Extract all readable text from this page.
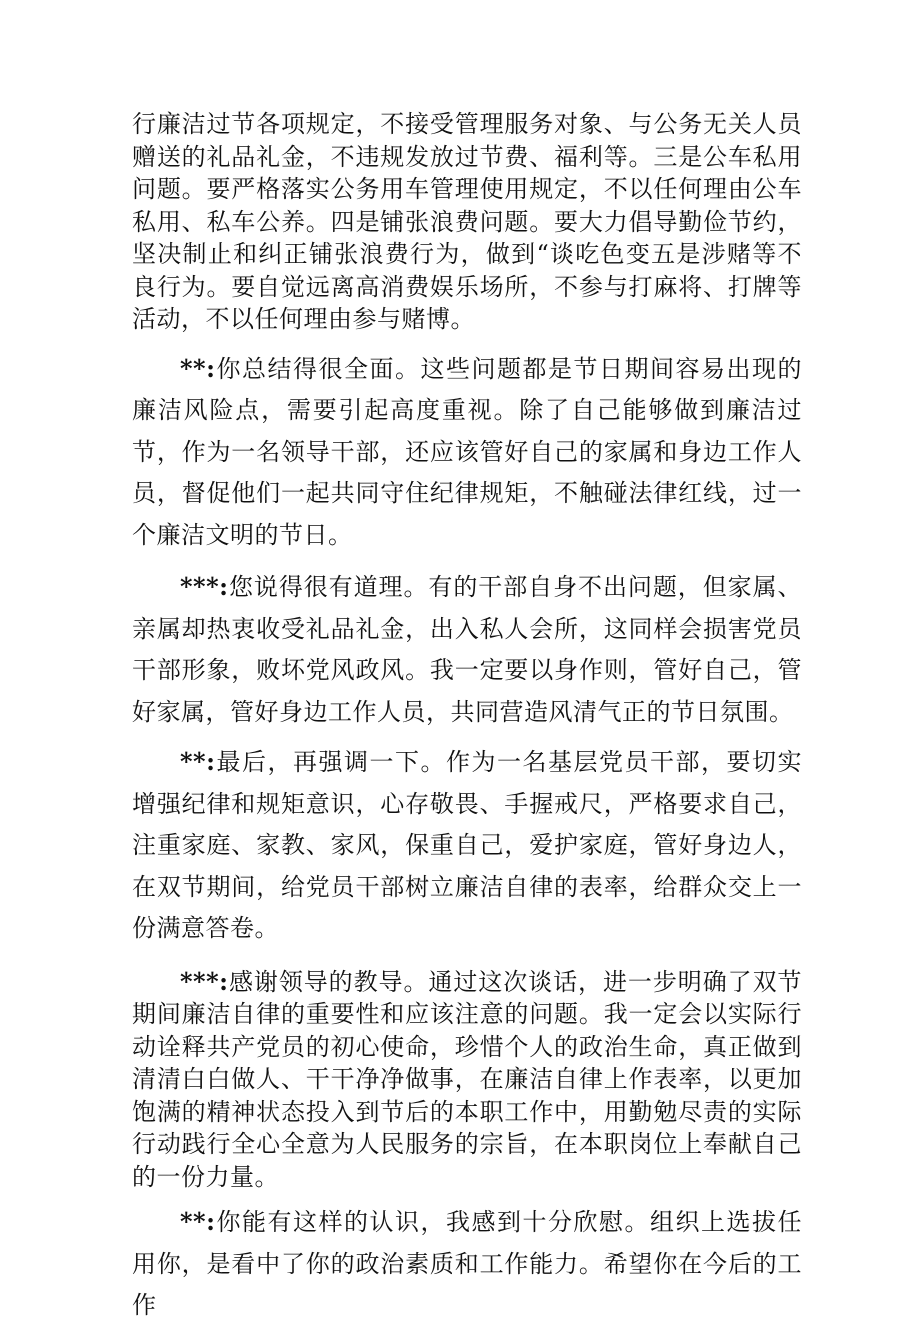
行廉洁过节各项规定，不接受管理服务对象、与公务无关人员赠送的礼品礼金，不违规发放过节费、福利等。三是公车私用问题。要严格落实公务用车管理使用规定，不以任何理由公车私用、私车公养。四是铺张浪费问题。要大力倡导勤俭节约，坚决制止和纠正铺张浪费行为，做到“谈吃色变五是涉赌等不良行为。要自觉远离高消费娱乐场所，不参与打麻将、打牌等活动，不以任何理由参与赌博。

**:你总结得很全面。这些问题都是节日期间容易出现的廉洁风险点，需要引起高度重视。除了自己能够做到廉洁过节，作为一名领导干部，还应该管好自己的家属和身边工作人员，督促他们一起共同守住纪律规矩，不触碰法律红线，过一个廉洁文明的节日。

***:您说得很有道理。有的干部自身不出问题，但家属、亲属却热衷收受礼品礼金，出入私人会所，这同样会损害党员干部形象，败坏党风政风。我一定要以身作则，管好自己，管好家属，管好身边工作人员，共同营造风清气正的节日氛围。

**:最后，再强调一下。作为一名基层党员干部，要切实增强纪律和规矩意识，心存敬畏、手握戒尺，严格要求自己，注重家庭、家教、家风，保重自己，爱护家庭，管好身边人，在双节期间，给党员干部树立廉洁自律的表率，给群众交上一份满意答卷。

***:感谢领导的教导。通过这次谈话，进一步明确了双节期间廉洁自律的重要性和应该注意的问题。我一定会以实际行动诠释共产党员的初心使命，珍惜个人的政治生命，真正做到清清白白做人、干干净净做事，在廉洁自律上作表率，以更加饱满的精神状态投入到节后的本职工作中，用勤勉尽责的实际行动践行全心全意为人民服务的宗旨，在本职岗位上奉献自己的一份力量。

**:你能有这样的认识，我感到十分欣慰。组织上选拔任用你，是看中了你的政治素质和工作能力。希望你在今后的工作
